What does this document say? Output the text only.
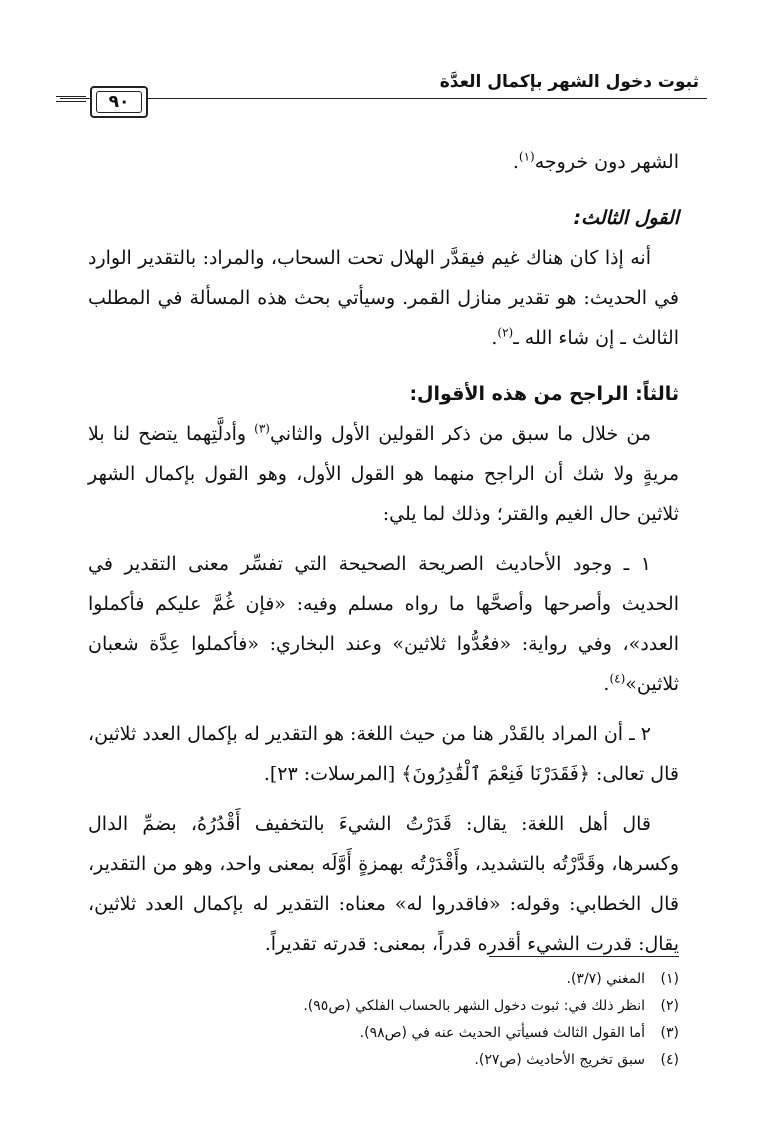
ثبوت دخول الشهر بإكمال العدَّة
٩٠

الشهر دون خروجه$^{(١)}$.

القول الثالث:

أنه إذا كان هناك غيم فيقدَّر الهلال تحت السحاب، والمراد: بالتقدير الوارد في الحديث: هو تقدير منازل القمر. وسيأتي بحث هذه المسألة في المطلب الثالث ـ إن شاء الله ـ$^{(٢)}$.

ثالثاً: الراجح من هذه الأقوال:

من خلال ما سبق من ذكر القولين الأول والثاني$^{(٣)}$ وأدلَّتِهما يتضح لنا بلا مريةٍ ولا شك أن الراجح منهما هو القول الأول، وهو القول بإكمال الشهر ثلاثين حال الغيم والقتر؛ وذلك لما يلي:

١ ـ وجود الأحاديث الصريحة الصحيحة التي تفسِّر معنى التقدير في الحديث وأصرحها وأصحَّها ما رواه مسلم وفيه: «فإن غُمَّ عليكم فأكملوا العدد»، وفي رواية: «فعُدُّوا ثلاثين» وعند البخاري: «فأكملوا عِدَّة شعبان ثلاثين»$^{(٤)}$.

٢ ـ أن المراد بالقَدْر هنا من حيث اللغة: هو التقدير له بإكمال العدد ثلاثين، قال تعالى: ﴿فَقَدَرْنَا فَنِعْمَ ٱلْقَٰدِرُونَ﴾ [المرسلات: ٢٣].

قال أهل اللغة: يقال: قَدَرْتُ الشيءَ بالتخفيف أَقْدُرُهُ، بضمِّ الدال وكسرها، وقَدَّرْتُه بالتشديد، وأَقْدَرْتُه بهمزةٍ أَوَّلَه بمعنى واحد، وهو من التقدير، قال الخطابي: وقوله: «فاقدروا له» معناه: التقدير له بإكمال العدد ثلاثين، يقال: قدرت الشيء أقدره قدراً، بمعنى: قدرته تقديراً.

(١)المغني (٣/٧).

(٢)انظر ذلك في: ثبوت دخول الشهر بالحساب الفلكي (ص٩٥).

(٣)أما القول الثالث فسيأتي الحديث عنه في (ص٩٨).

(٤)سبق تخريج الأحاديث (ص٢٧).
